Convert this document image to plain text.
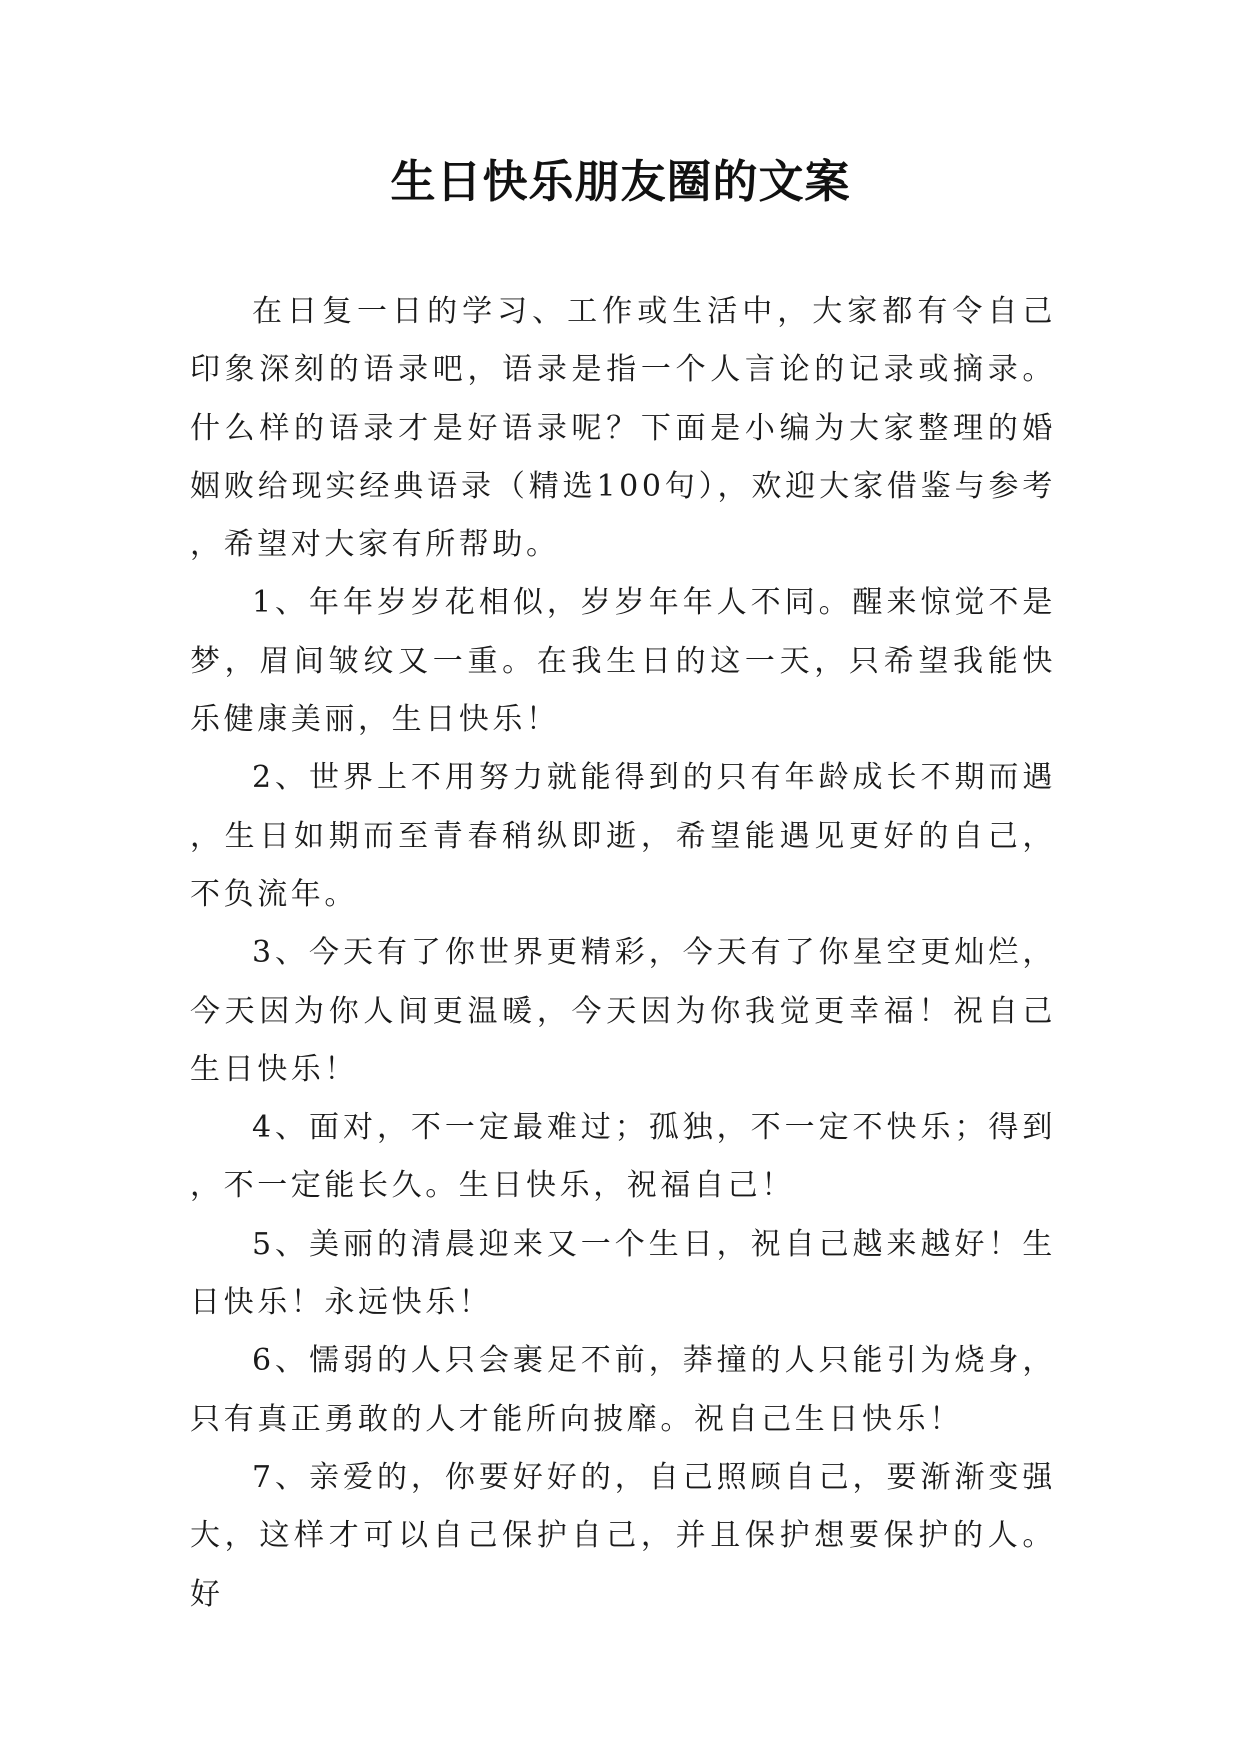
生日快乐朋友圈的文案

在日复一日的学习、工作或生活中，大家都有令自己印象深刻的语录吧，语录是指一个人言论的记录或摘录。什么样的语录才是好语录呢？下面是小编为大家整理的婚姻败给现实经典语录（精选100句），欢迎大家借鉴与参考，希望对大家有所帮助。

1、年年岁岁花相似，岁岁年年人不同。醒来惊觉不是梦，眉间皱纹又一重。在我生日的这一天，只希望我能快乐健康美丽，生日快乐！

2、世界上不用努力就能得到的只有年龄成长不期而遇，生日如期而至青春稍纵即逝，希望能遇见更好的自己，不负流年。

3、今天有了你世界更精彩，今天有了你星空更灿烂，今天因为你人间更温暖，今天因为你我觉更幸福！祝自己生日快乐！

4、面对，不一定最难过；孤独，不一定不快乐；得到，不一定能长久。生日快乐，祝福自己！

5、美丽的清晨迎来又一个生日，祝自己越来越好！生日快乐！永远快乐！

6、懦弱的人只会裹足不前，莽撞的人只能引为烧身，只有真正勇敢的人才能所向披靡。祝自己生日快乐！

7、亲爱的，你要好好的，自己照顾自己，要渐渐变强大，这样才可以自己保护自己，并且保护想要保护的人。好
